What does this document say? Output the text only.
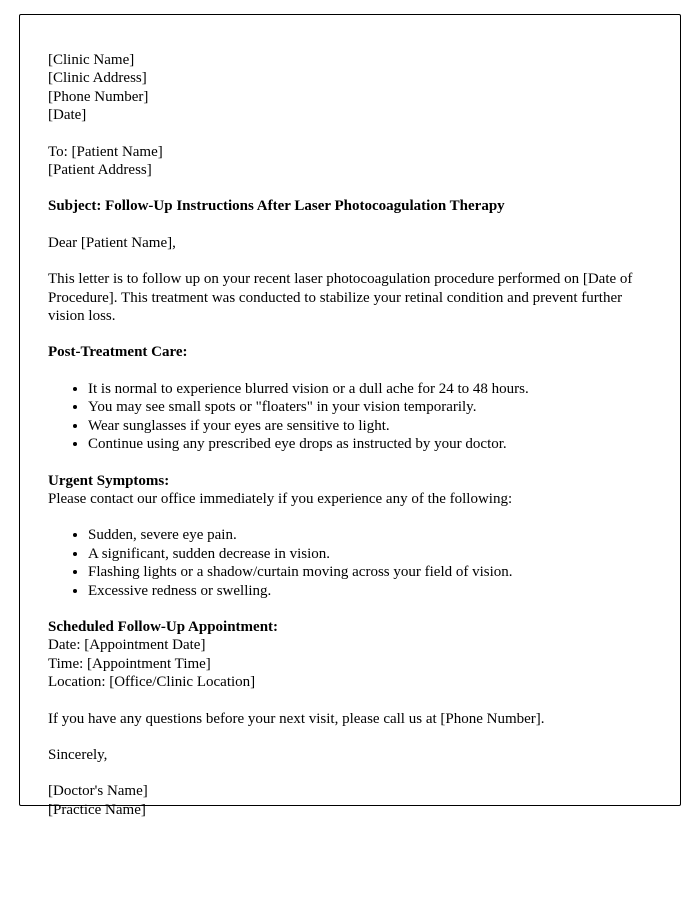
[Clinic Name]
[Clinic Address]
[Phone Number]
[Date]
To: [Patient Name]
[Patient Address]
Subject: Follow-Up Instructions After Laser Photocoagulation Therapy
Dear [Patient Name],

This letter is to follow up on your recent laser photocoagulation procedure performed on [Date of Procedure]. This treatment was conducted to stabilize your retinal condition and prevent further vision loss.

Post-Treatment Care:
• It is normal to experience blurred vision or a dull ache for 24 to 48 hours.
• You may see small spots or "floaters" in your vision temporarily.
• Wear sunglasses if your eyes are sensitive to light.
• Continue using any prescribed eye drops as instructed by your doctor.
Urgent Symptoms:
Please contact our office immediately if you experience any of the following:
• Sudden, severe eye pain.
• A significant, sudden decrease in vision.
• Flashing lights or a shadow/curtain moving across your field of vision.
• Excessive redness or swelling.
Scheduled Follow-Up Appointment:
Date: [Appointment Date]
Time: [Appointment Time]
Location: [Office/Clinic Location]

If you have any questions before your next visit, please call us at [Phone Number].

Sincerely,
[Doctor's Name]
[Practice Name]
